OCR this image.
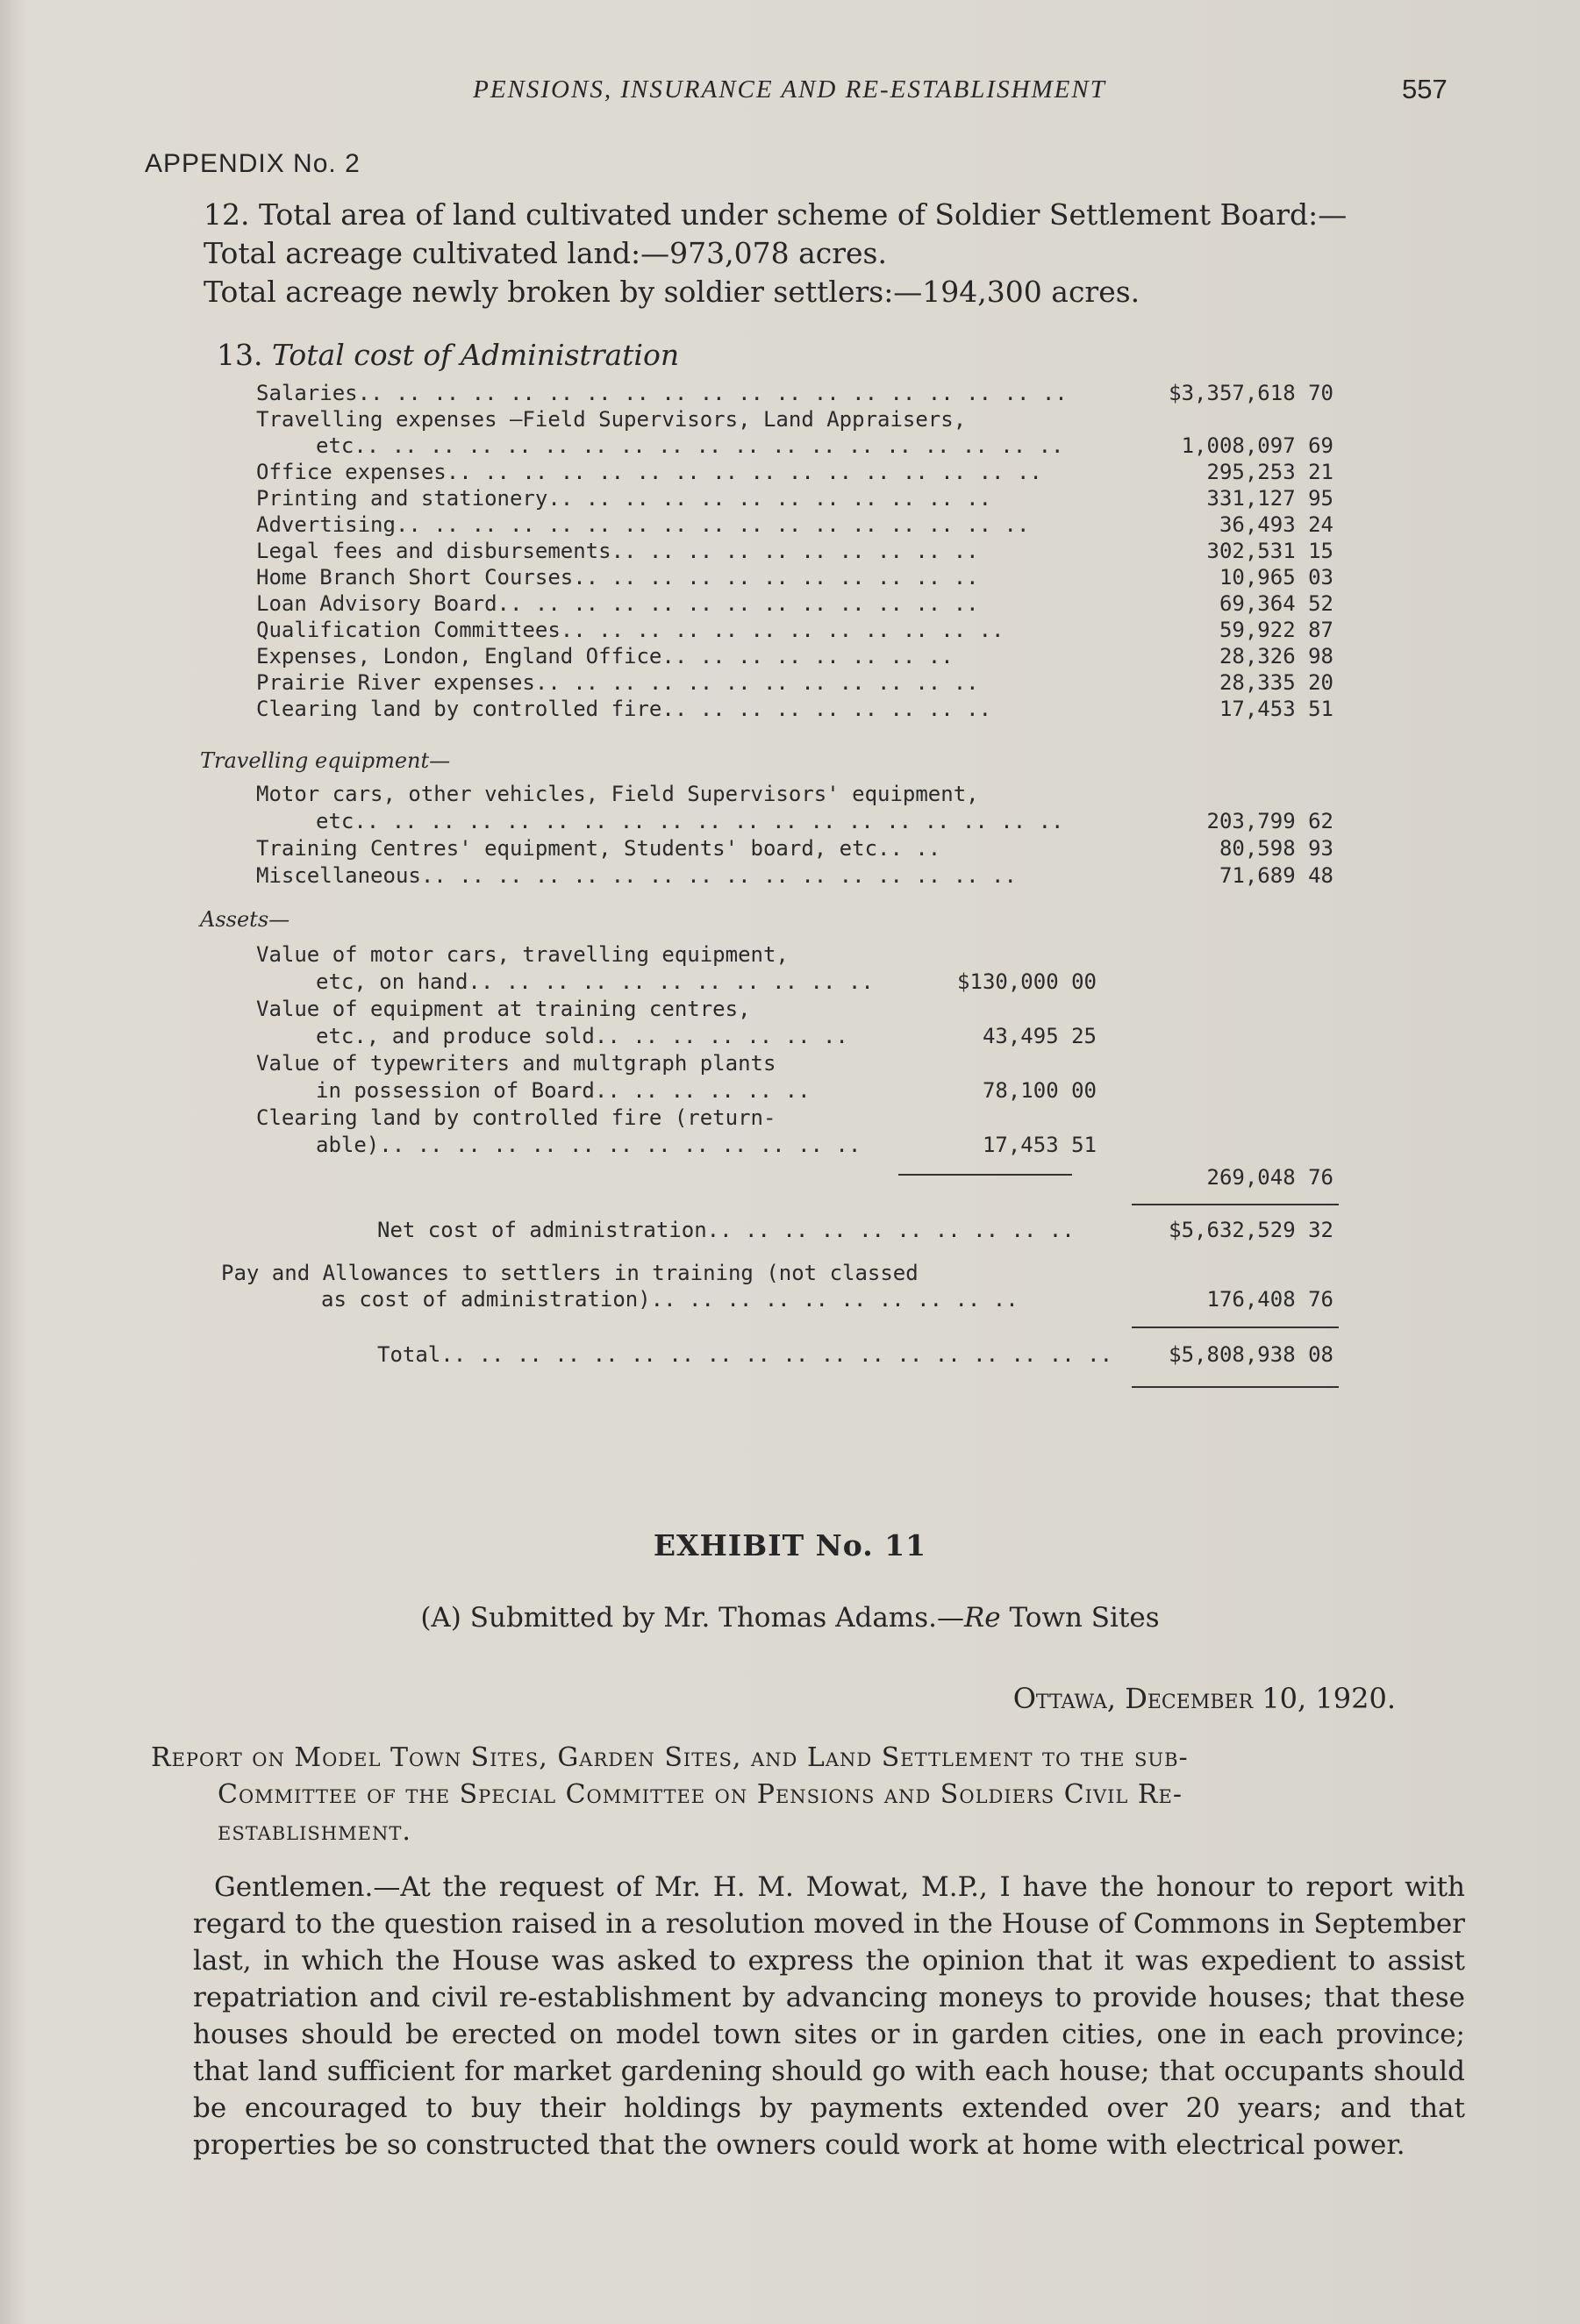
PENSIONS, INSURANCE AND RE-ESTABLISHMENT	557
APPENDIX No. 2
12. Total area of land cultivated under scheme of Soldier Settlement Board:—
Total acreage cultivated land:—973,078 acres.
Total acreage newly broken by soldier settlers:—194,300 acres.
13. Total cost of Administration
Salaries.. .. .. .. .. .. .. .. .. .. .. .. .. .. .. .. .. .. ..	$3,357,618 70
Travelling expenses —Field Supervisors, Land Appraisers,
etc.. .. .. .. .. .. .. .. .. .. .. .. .. .. .. .. .. .. ..	1,008,097 69
Office expenses.. .. .. .. .. .. .. .. .. .. .. .. .. .. .. ..	295,253 21
Printing and stationery.. .. .. .. .. .. .. .. .. .. .. ..	331,127 95
Advertising.. .. .. .. .. .. .. .. .. .. .. .. .. .. .. .. ..	36,493 24
Legal fees and disbursements.. .. .. .. .. .. .. .. .. ..	302,531 15
Home Branch Short Courses.. .. .. .. .. .. .. .. .. .. ..	10,965 03
Loan Advisory Board.. .. .. .. .. .. .. .. .. .. .. .. ..	69,364 52
Qualification Committees.. .. .. .. .. .. .. .. .. .. .. ..	59,922 87
Expenses, London, England Office.. .. .. .. .. .. .. ..	28,326 98
Prairie River expenses.. .. .. .. .. .. .. .. .. .. .. ..	28,335 20
Clearing land by controlled fire.. .. .. .. .. .. .. .. ..	17,453 51
Travelling equipment—
Motor cars, other vehicles, Field Supervisors' equipment,
etc.. .. .. .. .. .. .. .. .. .. .. .. .. .. .. .. .. .. ..	203,799 62
Training Centres' equipment, Students' board, etc.. ..	80,598 93
Miscellaneous.. .. .. .. .. .. .. .. .. .. .. .. .. .. .. ..	71,689 48
Assets—
Value of motor cars, travelling equipment,
etc, on hand.. .. .. .. .. .. .. .. .. .. ..	$130,000 00
Value of equipment at training centres,
etc., and produce sold.. .. .. .. .. .. ..	43,495 25
Value of typewriters and multgraph plants
in possession of Board.. .. .. .. .. ..	78,100 00
Clearing land by controlled fire (return-
able).. .. .. .. .. .. .. .. .. .. .. .. ..	17,453 51
269,048 76
Net cost of administration.. .. .. .. .. .. .. .. .. ..	$5,632,529 32
Pay and Allowances to settlers in training (not classed
as cost of administration).. .. .. .. .. .. .. .. .. ..	176,408 76
Total.. .. .. .. .. .. .. .. .. .. .. .. .. .. .. .. .. ..	$5,808,938 08
EXHIBIT No. 11
(A) Submitted by Mr. Thomas Adams.—Re Town Sites
Ottawa, December 10, 1920.
Report on Model Town Sites, Garden Sites, and Land Settlement to the sub-
Committee of the Special Committee on Pensions and Soldiers Civil Re-
establishment.

Gentlemen.—At the request of Mr. H. M. Mowat, M.P., I have the honour to report with regard to the question raised in a resolution moved in the House of Commons in September last, in which the House was asked to express the opinion that it was expedient to assist repatriation and civil re-establishment by advancing moneys to provide houses; that these houses should be erected on model town sites or in garden cities, one in each province; that land sufficient for market gardening should go with each house; that occupants should be encouraged to buy their holdings by payments extended over 20 years; and that properties be so constructed that the owners could work at home with electrical power.
